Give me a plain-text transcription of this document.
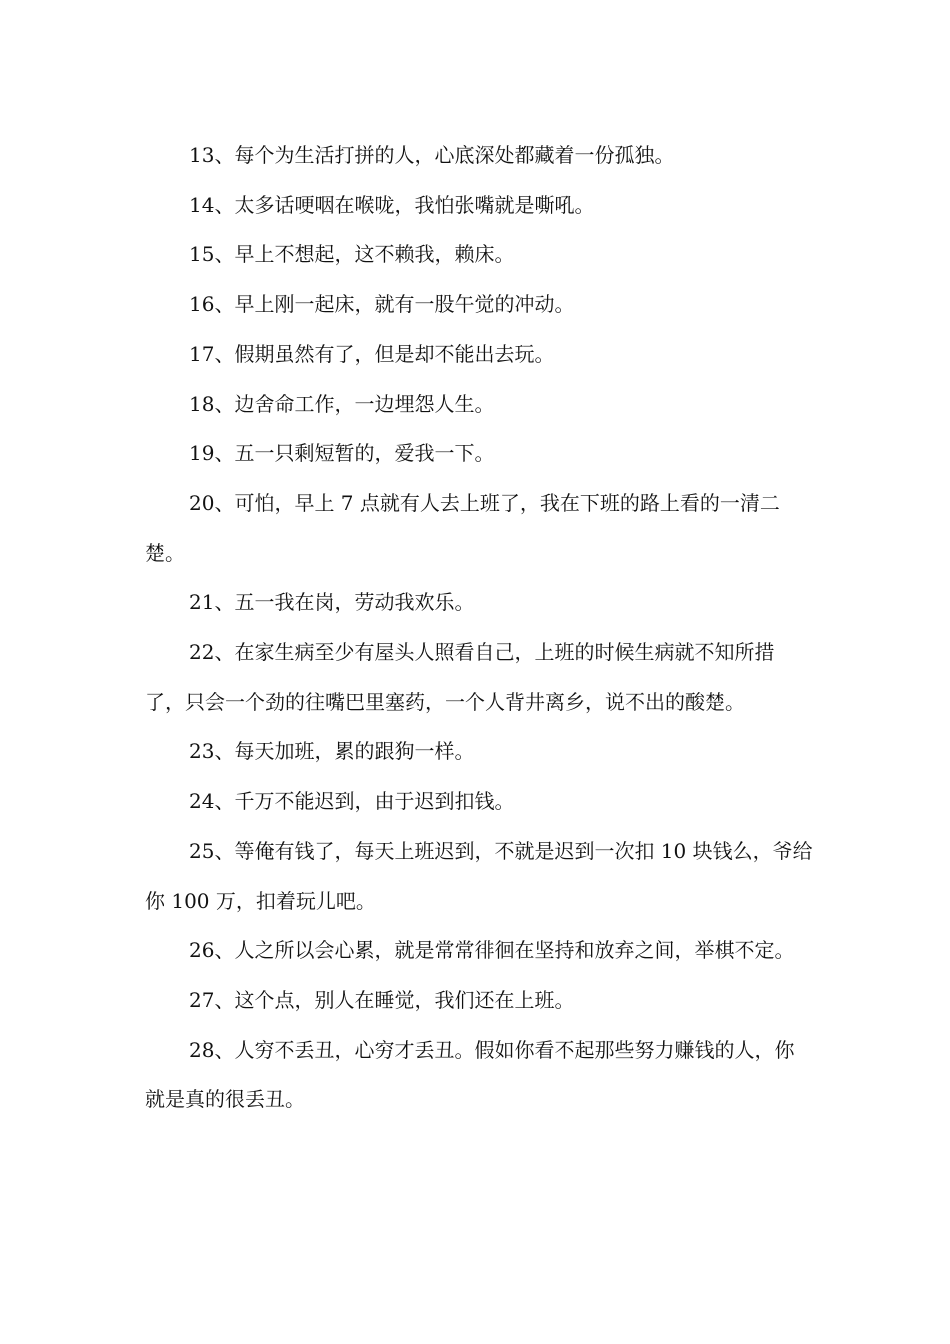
13、每个为生活打拼的人，心底深处都藏着一份孤独。

14、太多话哽咽在喉咙，我怕张嘴就是嘶吼。

15、早上不想起，这不赖我，赖床。

16、早上刚一起床，就有一股午觉的冲动。

17、假期虽然有了，但是却不能出去玩。

18、边舍命工作，一边埋怨人生。

19、五一只剩短暂的，爱我一下。

20、可怕，早上 7 点就有人去上班了，我在下班的路上看的一清二楚。

21、五一我在岗，劳动我欢乐。

22、在家生病至少有屋头人照看自己，上班的时候生病就不知所措了，只会一个劲的往嘴巴里塞药，一个人背井离乡，说不出的酸楚。

23、每天加班，累的跟狗一样。

24、千万不能迟到，由于迟到扣钱。

25、等俺有钱了，每天上班迟到，不就是迟到一次扣 10 块钱么，爷给你 100 万，扣着玩儿吧。

26、人之所以会心累，就是常常徘徊在坚持和放弃之间，举棋不定。

27、这个点，别人在睡觉，我们还在上班。

28、人穷不丢丑，心穷才丢丑。假如你看不起那些努力赚钱的人，你就是真的很丢丑。
